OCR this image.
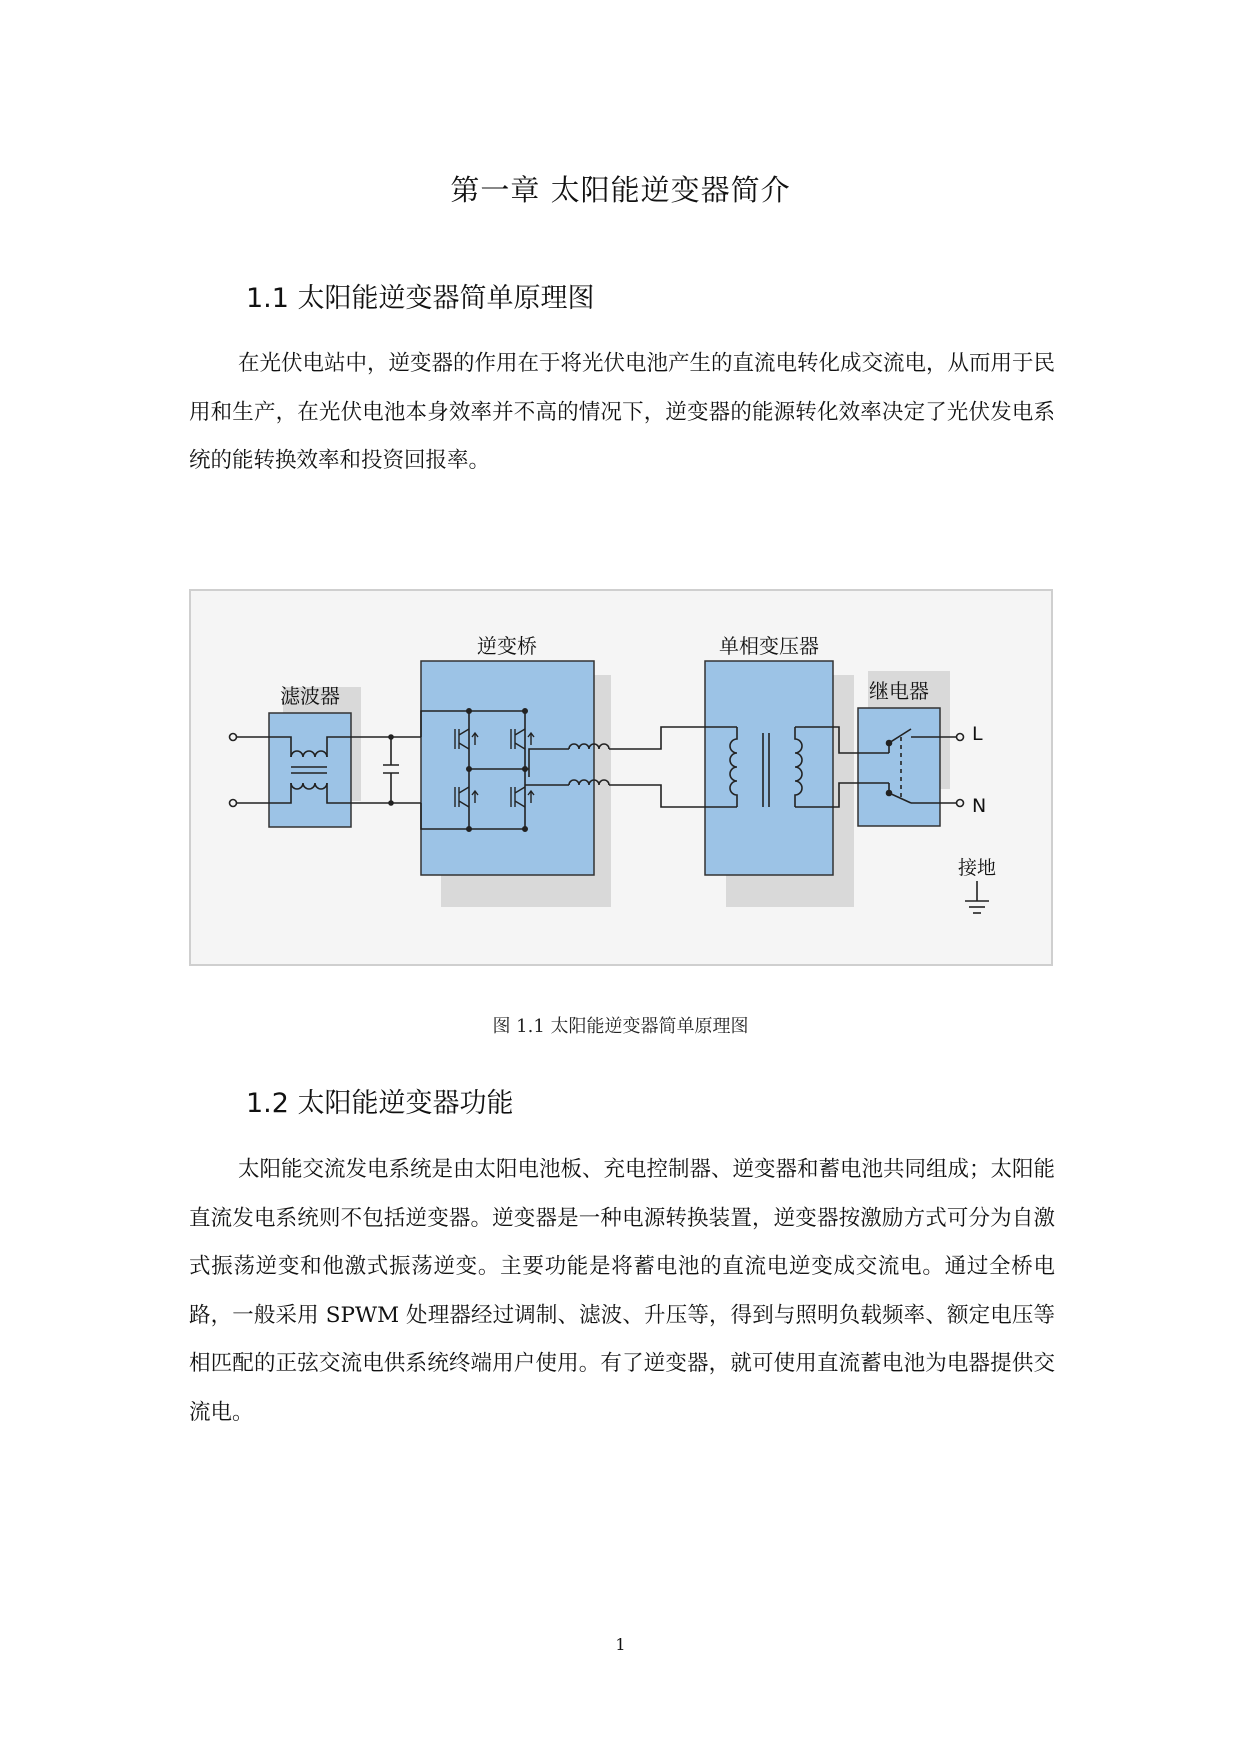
第一章 太阳能逆变器简介
1.1 太阳能逆变器简单原理图
在光伏电站中，逆变器的作用在于将光伏电池产生的直流电转化成交流电，从而用于民用和生产，在光伏电池本身效率并不高的情况下，逆变器的能源转化效率决定了光伏发电系统的能转换效率和投资回报率。
滤波器
逆变桥	单相变压器
继电器
L
N
接地
图 1.1 太阳能逆变器简单原理图
1.2 太阳能逆变器功能
太阳能交流发电系统是由太阳电池板、充电控制器、逆变器和蓄电池共同组成；太阳能直流发电系统则不包括逆变器。逆变器是一种电源转换装置，逆变器按激励方式可分为自激式振荡逆变和他激式振荡逆变。主要功能是将蓄电池的直流电逆变成交流电。通过全桥电路，一般采用 SPWM 处理器经过调制、滤波、升压等，得到与照明负载频率、额定电压等相匹配的正弦交流电供系统终端用户使用。有了逆变器，就可使用直流蓄电池为电器提供交流电。
1
